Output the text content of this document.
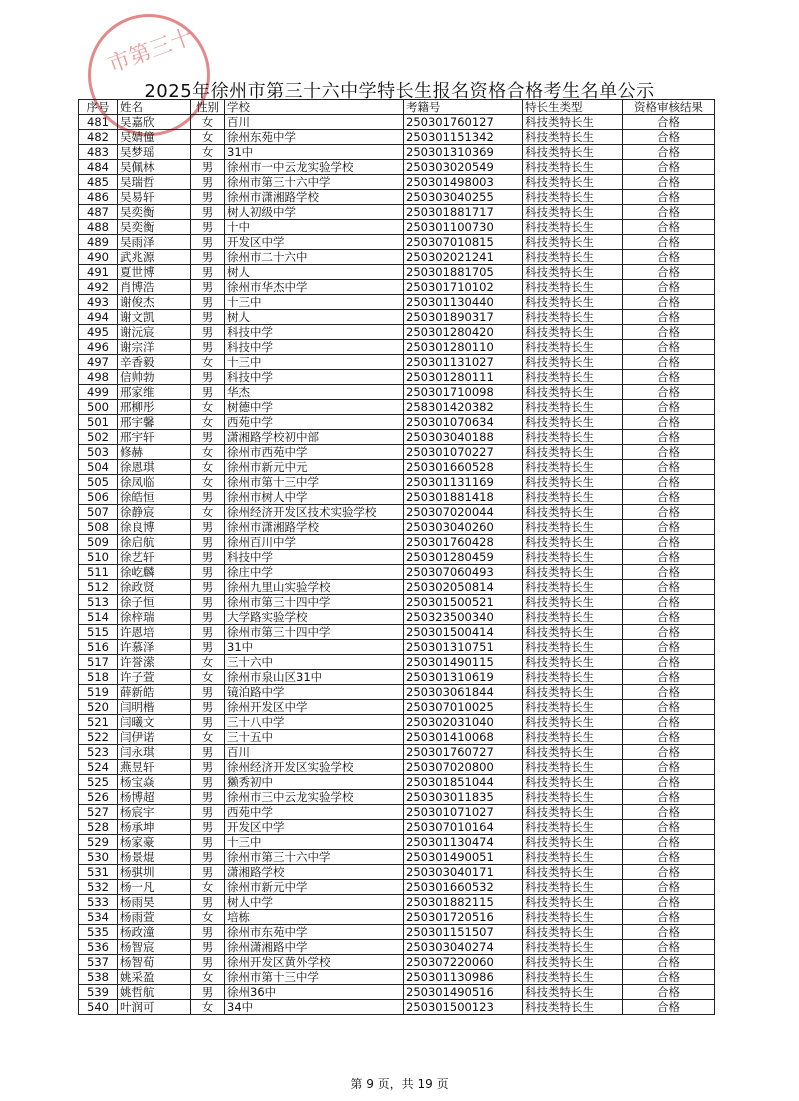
市第三十
2025年徐州市第三十六中学特长生报名资格合格考生名单公示
序号	姓名	性别	学校	考籍号	特长生类型	资格审核结果
481	吴嘉欣	女	百川	250301760127	科技类特长生	合格
482	吴婧僮	女	徐州东苑中学	250301151342	科技类特长生	合格
483	吴梦瑶	女	31中	250301310369	科技类特长生	合格
484	吴佩林	男	徐州市一中云龙实验学校	250303020549	科技类特长生	合格
485	吴瑞哲	男	徐州市第三十六中学	250301498003	科技类特长生	合格
486	吴易轩	男	徐州市潇湘路学校	250303040255	科技类特长生	合格
487	吴奕衡	男	树人初级中学	250301881717	科技类特长生	合格
488	吴奕衡	男	十中	250301100730	科技类特长生	合格
489	吴雨泽	男	开发区中学	250307010815	科技类特长生	合格
490	武兆源	男	徐州市二十六中	250302021241	科技类特长生	合格
491	夏世博	男	树人	250301881705	科技类特长生	合格
492	肖博浩	男	徐州市华杰中学	250301710102	科技类特长生	合格
493	谢俊杰	男	十三中	250301130440	科技类特长生	合格
494	谢文凯	男	树人	250301890317	科技类特长生	合格
495	谢沅宸	男	科技中学	250301280420	科技类特长生	合格
496	谢宗洋	男	科技中学	250301280110	科技类特长生	合格
497	辛香毅	女	十三中	250301131027	科技类特长生	合格
498	信帅勃	男	科技中学	250301280111	科技类特长生	合格
499	邢家维	男	华杰	250301710098	科技类特长生	合格
500	邢柳彤	女	树德中学	258301420382	科技类特长生	合格
501	邢宇馨	女	西苑中学	250301070634	科技类特长生	合格
502	邢宇轩	男	潇湘路学校初中部	250303040188	科技类特长生	合格
503	修赫	女	徐州市西苑中学	250301070227	科技类特长生	合格
504	徐恩琪	女	徐州市新元中元	250301660528	科技类特长生	合格
505	徐凤临	女	徐州市第十三中学	250301131169	科技类特长生	合格
506	徐皓恒	男	徐州市树人中学	250301881418	科技类特长生	合格
507	徐静宸	女	徐州经济开发区技术实验学校	250307020044	科技类特长生	合格
508	徐良博	男	徐州市潇湘路学校	250303040260	科技类特长生	合格
509	徐启航	男	徐州百川中学	250301760428	科技类特长生	合格
510	徐艺轩	男	科技中学	250301280459	科技类特长生	合格
511	徐屹麟	男	徐庄中学	250307060493	科技类特长生	合格
512	徐政贤	男	徐州九里山实验学校	250302050814	科技类特长生	合格
513	徐子恒	男	徐州市第三十四中学	250301500521	科技类特长生	合格
514	徐梓瑞	男	大学路实验学校	250323500340	科技类特长生	合格
515	许恩培	男	徐州市第三十四中学	250301500414	科技类特长生	合格
516	许慕泽	男	31中	250301310751	科技类特长生	合格
517	许誉潆	女	三十六中	250301490115	科技类特长生	合格
518	许子萱	女	徐州市泉山区31中	250301310619	科技类特长生	合格
519	薛新皓	男	镜泊路中学	250303061844	科技类特长生	合格
520	闫明楷	男	徐州开发区中学	250307010025	科技类特长生	合格
521	闫曦文	男	三十八中学	250302031040	科技类特长生	合格
522	闫伊诺	女	三十五中	250301410068	科技类特长生	合格
523	闫永琪	男	百川	250301760727	科技类特长生	合格
524	燕昱轩	男	徐州经济开发区实验学校	250307020800	科技类特长生	合格
525	杨宝焱	男	獭秀初中	250301851044	科技类特长生	合格
526	杨博超	男	徐州市三中云龙实验学校	250303011835	科技类特长生	合格
527	杨宸宇	男	西苑中学	250301071027	科技类特长生	合格
528	杨承坤	男	开发区中学	250307010164	科技类特长生	合格
529	杨家豪	男	十三中	250301130474	科技类特长生	合格
530	杨景焜	男	徐州市第三十六中学	250301490051	科技类特长生	合格
531	杨骐圳	男	潇湘路学校	250303040171	科技类特长生	合格
532	杨一凡	女	徐州市新元中学	250301660532	科技类特长生	合格
533	杨雨昊	男	树人中学	250301882115	科技类特长生	合格
534	杨雨萱	女	培栋	250301720516	科技类特长生	合格
535	杨政潼	男	徐州市东苑中学	250301151507	科技类特长生	合格
536	杨智宸	男	徐州潇湘路中学	250303040274	科技类特长生	合格
537	杨智荀	男	徐州开发区黄外学校	250307220060	科技类特长生	合格
538	姚采盈	女	徐州市第十三中学	250301130986	科技类特长生	合格
539	姚哲航	男	徐州36中	250301490516	科技类特长生	合格
540	叶润可	女	34中	250301500123	科技类特长生	合格
第 9 页，共 19 页
